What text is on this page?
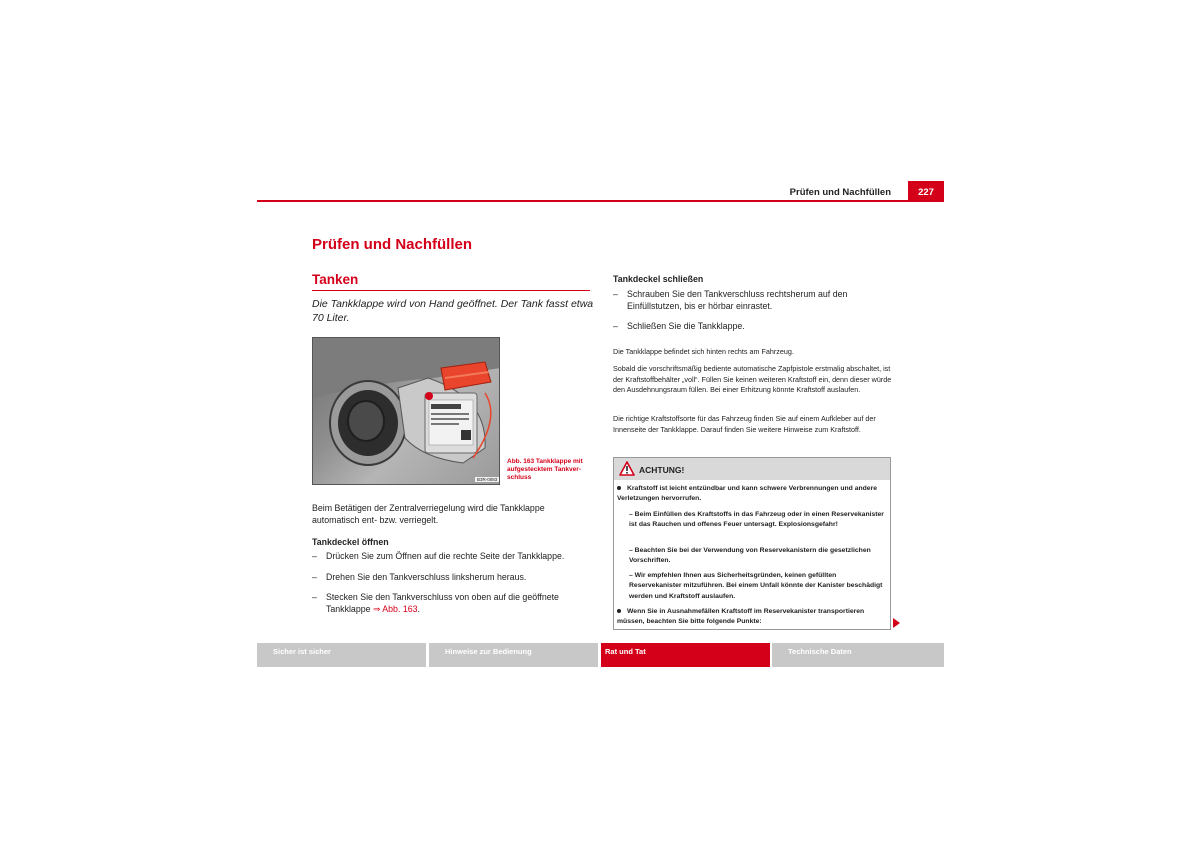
Prüfen und Nachfüllen	227
Prüfen und Nachfüllen
Tanken
Die Tankklappe wird von Hand geöffnet. Der Tank fasst etwa 70 Liter.
B3R-0083
Abb. 163 Tankklappe mit aufgestecktem Tankver-schluss
Beim Betätigen der Zentralverriegelung wird die Tankklappe automatisch ent- bzw. verriegelt.
Tankdeckel öffnen
– Drücken Sie zum Öffnen auf die rechte Seite der Tankklappe.
– Drehen Sie den Tankverschluss linksherum heraus.
– Stecken Sie den Tankverschluss von oben auf die geöffnete Tankklappe ⇒ Abb. 163.
Tankdeckel schließen
– Schrauben Sie den Tankverschluss rechtsherum auf den Einfüllstutzen, bis er hörbar einrastet.
– Schließen Sie die Tankklappe.
Die Tankklappe befindet sich hinten rechts am Fahrzeug.
Sobald die vorschriftsmäßig bediente automatische Zapfpistole erstmalig abschaltet, ist der Kraftstoffbehälter „voll“. Füllen Sie keinen weiteren Kraftstoff ein, denn dieser würde den Ausdehnungsraum füllen. Bei einer Erhitzung könnte Kraftstoff auslaufen.
Die richtige Kraftstoffsorte für das Fahrzeug finden Sie auf einem Aufkleber auf der Innenseite der Tankklappe. Darauf finden Sie weitere Hinweise zum Kraftstoff.
ACHTUNG!
Kraftstoff ist leicht entzündbar und kann schwere Verbrennungen und andere Verletzungen hervorrufen.
– Beim Einfüllen des Kraftstoffs in das Fahrzeug oder in einen Reservekanister ist das Rauchen und offenes Feuer untersagt. Explosionsgefahr!
– Beachten Sie bei der Verwendung von Reservekanistern die gesetzlichen Vorschriften.
– Wir empfehlen Ihnen aus Sicherheitsgründen, keinen gefüllten Reservekanister mitzuführen. Bei einem Unfall könnte der Kanister beschädigt werden und Kraftstoff auslaufen.
Wenn Sie in Ausnahmefällen Kraftstoff im Reservekanister transportieren müssen, beachten Sie bitte folgende Punkte:
Sicher ist sicher	Hinweise zur Bedienung	Rat und Tat	Technische Daten
